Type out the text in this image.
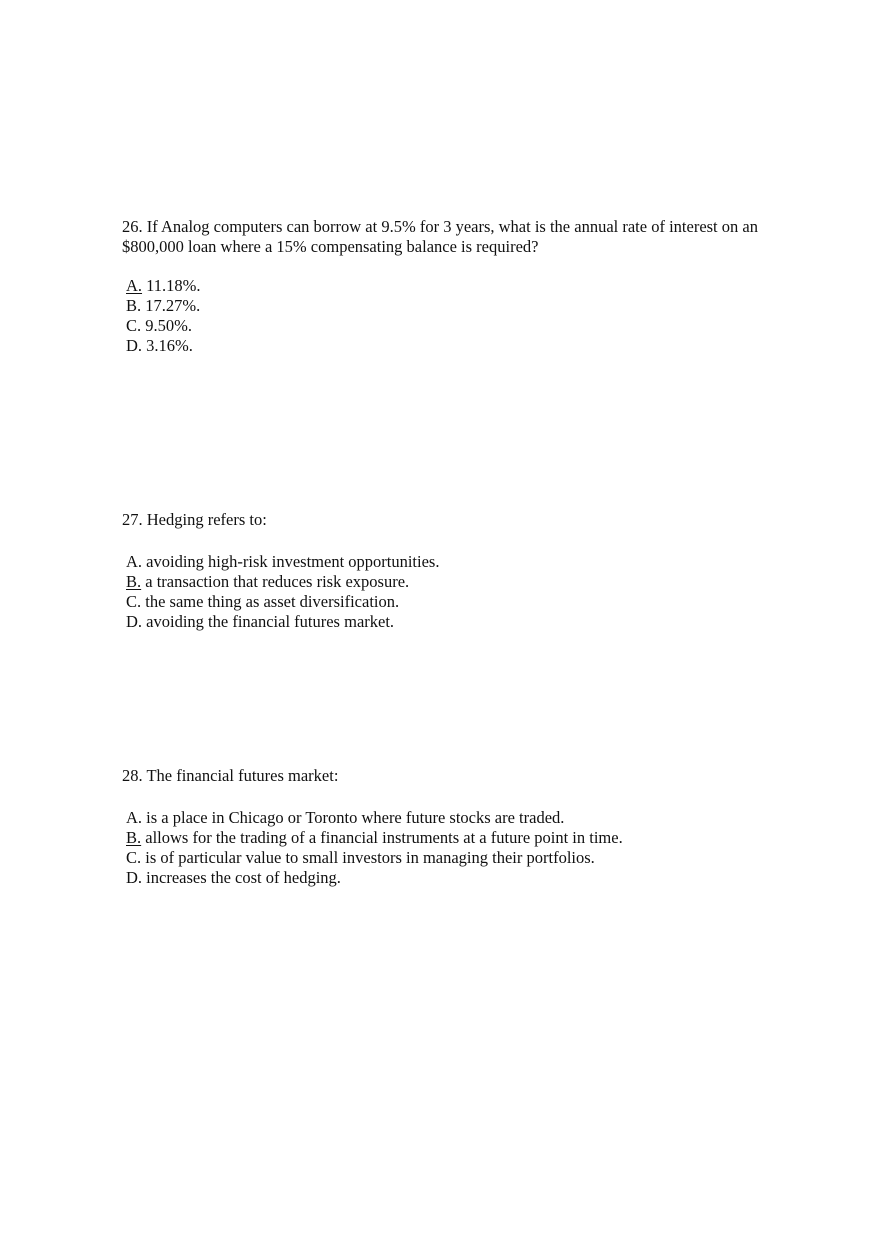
26. If Analog computers can borrow at 9.5% for 3 years, what is the annual rate of interest on an $800,000 loan where a 15% compensating balance is required?

A. 11.18%.
B. 17.27%.
C. 9.50%.
D. 3.16%.

27. Hedging refers to:

A. avoiding high-risk investment opportunities.
B. a transaction that reduces risk exposure.
C. the same thing as asset diversification.
D. avoiding the financial futures market.

28. The financial futures market:

A. is a place in Chicago or Toronto where future stocks are traded.
B. allows for the trading of a financial instruments at a future point in time.
C. is of particular value to small investors in managing their portfolios.
D. increases the cost of hedging.
